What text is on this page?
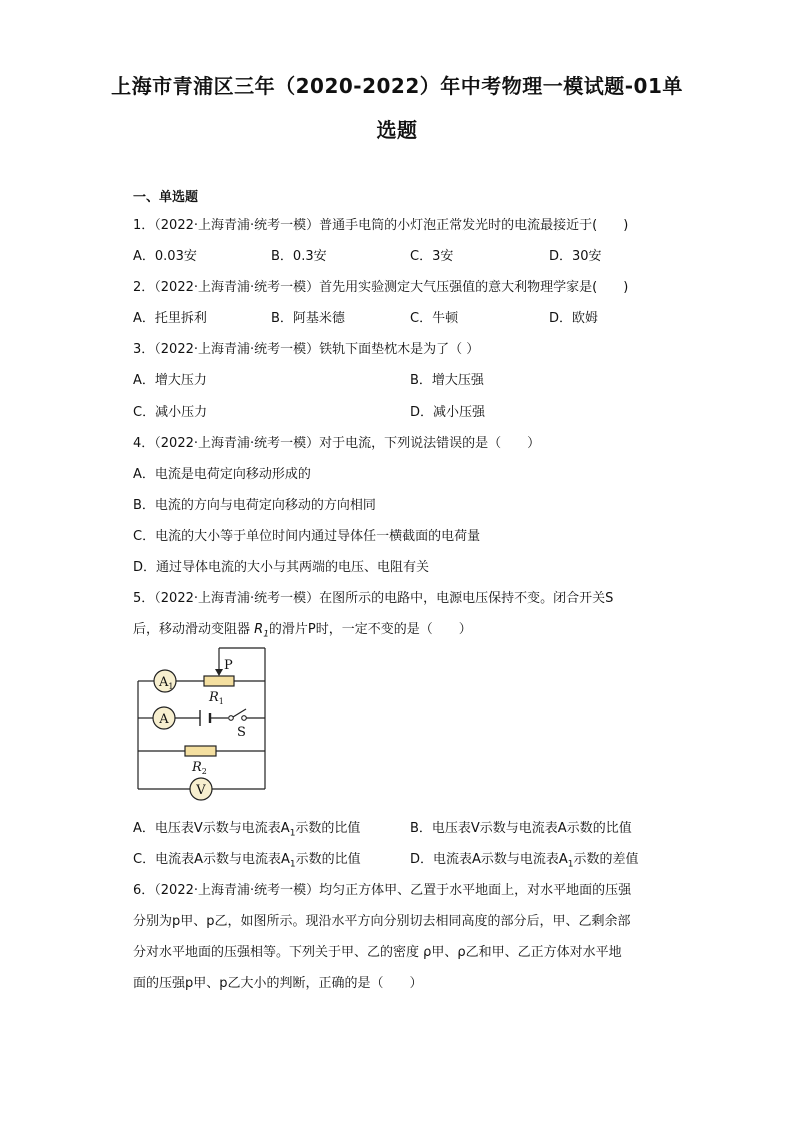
上海市青浦区三年（2020-2022）年中考物理一模试题-01单
选题
一、单选题
1．（2022·上海青浦·统考一模）普通手电筒的小灯泡正常发光时的电流最接近于(　　)
A．0.03安	B．0.3安	C．3安	D．30安
2．（2022·上海青浦·统考一模）首先用实验测定大气压强值的意大利物理学家是(　　)
A．托里拆利	B．阿基米德	C．牛顿	D．欧姆
3．（2022·上海青浦·统考一模）铁轨下面垫枕木是为了（ ）
A．增大压力	B．增大压强
C．减小压力	D．减小压强
4．（2022·上海青浦·统考一模）对于电流，下列说法错误的是（　　）
A．电流是电荷定向移动形成的
B．电流的方向与电荷定向移动的方向相同
C．电流的大小等于单位时间内通过导体任一横截面的电荷量
D．通过导体电流的大小与其两端的电压、电阻有关
5．（2022·上海青浦·统考一模）在图所示的电路中，电源电压保持不变。闭合开关S
后，移动滑动变阻器 $R_1$的滑片P时，一定不变的是（　　）
$A_1$
A
V
P
$R_1$
$R_2$
S
A．电压表V示数与电流表$A_1$示数的比值	B．电压表V示数与电流表A示数的比值
C．电流表A示数与电流表$A_1$示数的比值	D．电流表A示数与电流表$A_1$示数的差值
6．（2022·上海青浦·统考一模）均匀正方体甲、乙置于水平地面上，对水平地面的压强
分别为p甲、p乙，如图所示。现沿水平方向分别切去相同高度的部分后，甲、乙剩余部
分对水平地面的压强相等。下列关于甲、乙的密度 ρ甲、ρ乙和甲、乙正方体对水平地
面的压强p甲、p乙大小的判断，正确的是（　　）
